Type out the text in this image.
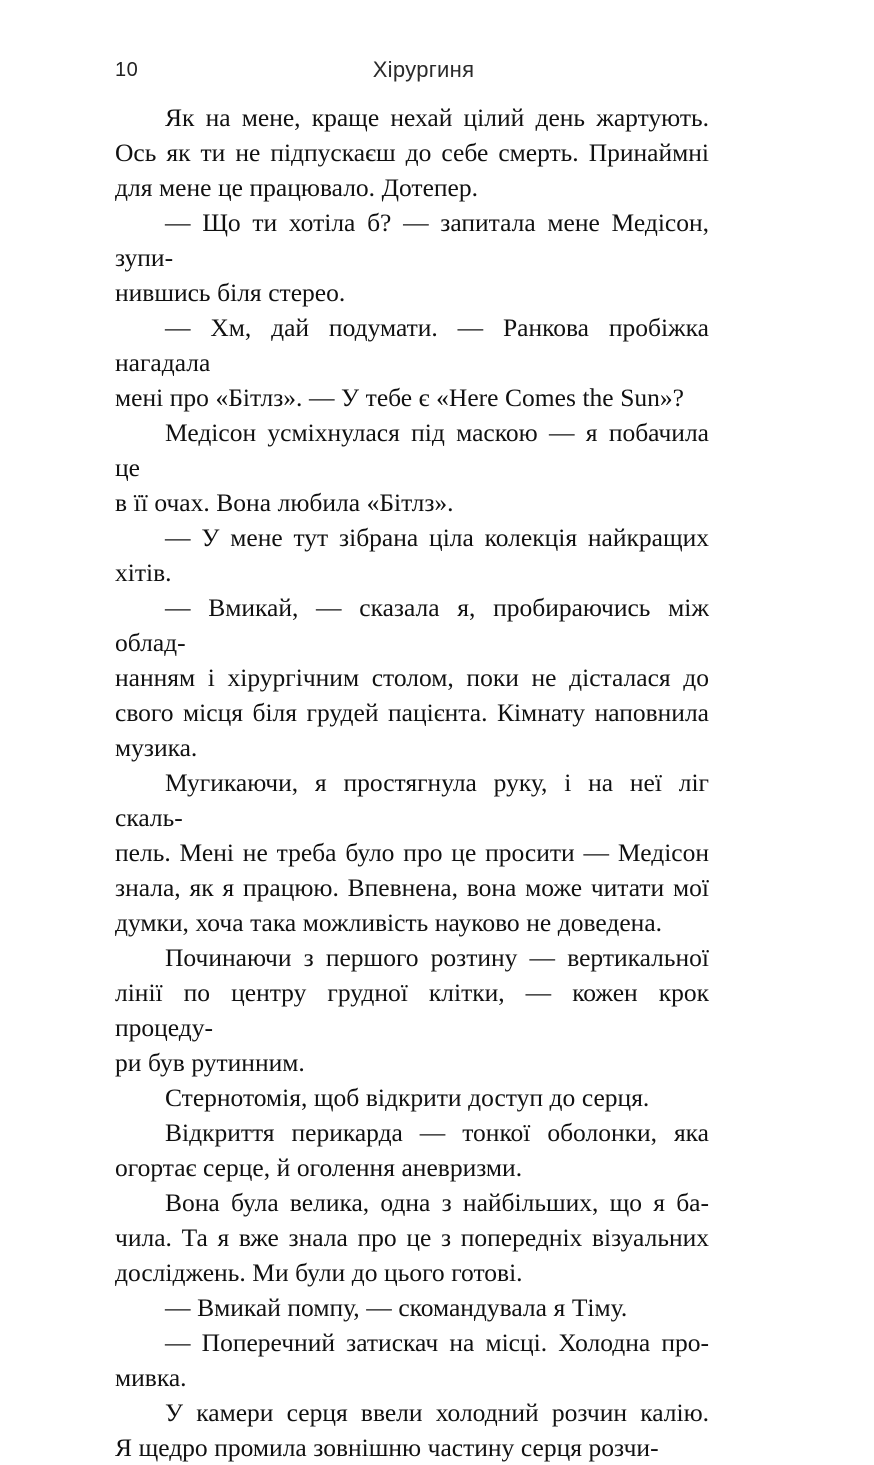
10	Хірургиня

Як на мене, краще нехай цілий день жартують.
Ось як ти не підпускаєш до себе смерть. Принаймні
для мене це працювало. Дотепер.

— Що ти хотіла б? — запитала мене Медісон, зупи-
нившись біля стерео.

— Хм, дай подумати. — Ранкова пробіжка нагадала
мені про «Бітлз». — У тебе є «Here Comes the Sun»?

Медісон усміхнулася під маскою — я побачила це
в її очах. Вона любила «Бітлз».

— У мене тут зібрана ціла колекція найкращих
хітів.

— Вмикай, — сказала я, пробираючись між облад-
нанням і хірургічним столом, поки не дісталася до
свого місця біля грудей пацієнта. Кімнату наповнила
музика.

Мугикаючи, я простягнула руку, і на неї ліг скаль-
пель. Мені не треба було про це просити — Медісон
знала, як я працюю. Впевнена, вона може читати мої
думки, хоча така можливість науково не доведена.

Починаючи з першого розтину — вертикальної
лінії по центру грудної клітки, — кожен крок процеду-
ри був рутинним.

Стернотомія, щоб відкрити доступ до серця.

Відкриття перикарда — тонкої оболонки, яка
огортає серце, й оголення аневризми.

Вона була велика, одна з найбільших, що я ба-
чила. Та я вже знала про це з попередніх візуальних
досліджень. Ми були до цього готові.

— Вмикай помпу, — скомандувала я Тіму.

— Поперечний затискач на місці. Холодна про-
мивка.

У камери серця ввели холодний розчин калію.
Я щедро промила зовнішню частину серця розчи-
